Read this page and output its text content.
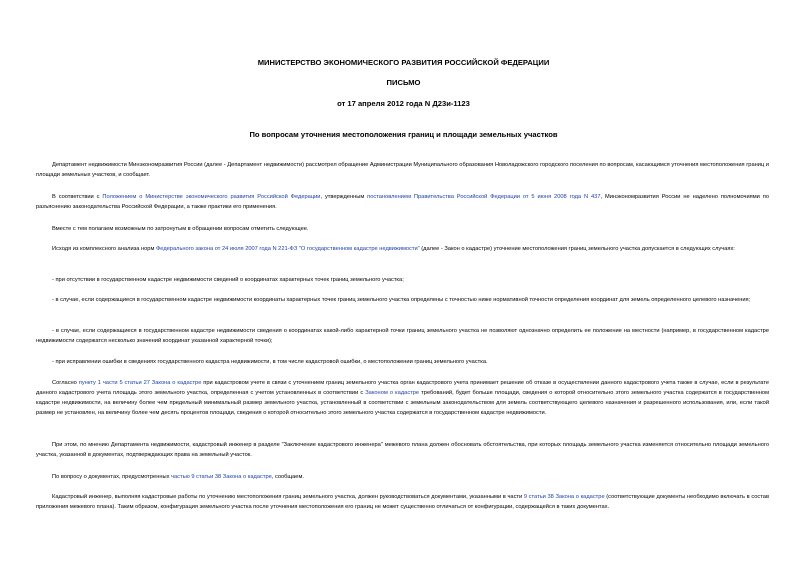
МИНИСТЕРСТВО ЭКОНОМИЧЕСКОГО РАЗВИТИЯ РОССИЙСКОЙ ФЕДЕРАЦИИ
ПИСЬМО
от 17 апреля 2012 года N Д23и-1123
По вопросам уточнения местоположения границ и площади земельных участков

Департамент недвижимости Минэкономразвития России (далее - Департамент недвижимости) рассмотрел обращение Администрации Муниципального образования Новоладожского городского поселения по вопросам, касающимся уточнения местоположения границ и площади земельных участков, и сообщает.

В соответствии с Положением о Министерстве экономического развития Российской Федерации, утвержденным постановлением Правительства Российской Федерации от 5 июня 2008 года N 437, Минэкономразвития России не наделено полномочиями по разъяснению законодательства Российской Федерации, а также практики его применения.

Вместе с тем полагаем возможным по затронутым в обращении вопросам отметить следующее.

Исходя из комплексного анализа норм Федерального закона от 24 июля 2007 года N 221-ФЗ "О государственном кадастре недвижимости" (далее - Закон о кадастре) уточнение местоположения границ земельного участка допускается в следующих случаях:

- при отсутствии в государственном кадастре недвижимости сведений о координатах характерных точек границ земельного участка;

- в случае, если содержащиеся в государственном кадастре недвижимости координаты характерных точек границ земельного участка определены с точностью ниже нормативной точности определения координат для земель определенного целевого назначения;

- в случае, если содержащиеся в государственном кадастре недвижимости сведения о координатах какой-либо характерной точки границ земельного участка не позволяют однозначно определить ее положение на местности (например, в государственном кадастре недвижимости содержатся несколько значений координат указанной характерной точки);

- при исправлении ошибки в сведениях государственного кадастра недвижимости, в том числе кадастровой ошибки, о местоположении границ земельного участка.

Согласно пункту 1 части 5 статьи 27 Закона о кадастре при кадастровом учете в связи с уточнением границ земельного участка орган кадастрового учета принимает решение об отказе в осуществлении данного кадастрового учета также в случае, если в результате данного кадастрового учета площадь этого земельного участка, определенная с учетом установленных в соответствии с Законом о кадастре требований, будет больше площади, сведения о которой относительно этого земельного участка содержатся в государственном кадастре недвижимости, на величину более чем предельный минимальный размер земельного участка, установленный в соответствии с земельным законодательством для земель соответствующего целевого назначения и разрешенного использования, или, если такой размер не установлен, на величину более чем десять процентов площади, сведения о которой относительно этого земельного участка содержатся в государственном кадастре недвижимости.

При этом, по мнению Департамента недвижимости, кадастровый инженер в разделе "Заключение кадастрового инженера" межевого плана должен обосновать обстоятельства, при которых площадь земельного участка изменяется относительно площади земельного участка, указанной в документах, подтверждающих права на земельный участок.

По вопросу о документах, предусмотренных частью 9 статьи 38 Закона о кадастре, сообщаем.

Кадастровый инженер, выполняя кадастровые работы по уточнению местоположения границ земельного участка, должен руководствоваться документами, указанными в части 9 статьи 38 Закона о кадастре (соответствующие документы необходимо включать в состав приложения межевого плана). Таким образом, конфигурация земельного участка после уточнения местоположения его границ не может существенно отличаться от конфигурации, содержащейся в таких документах.
